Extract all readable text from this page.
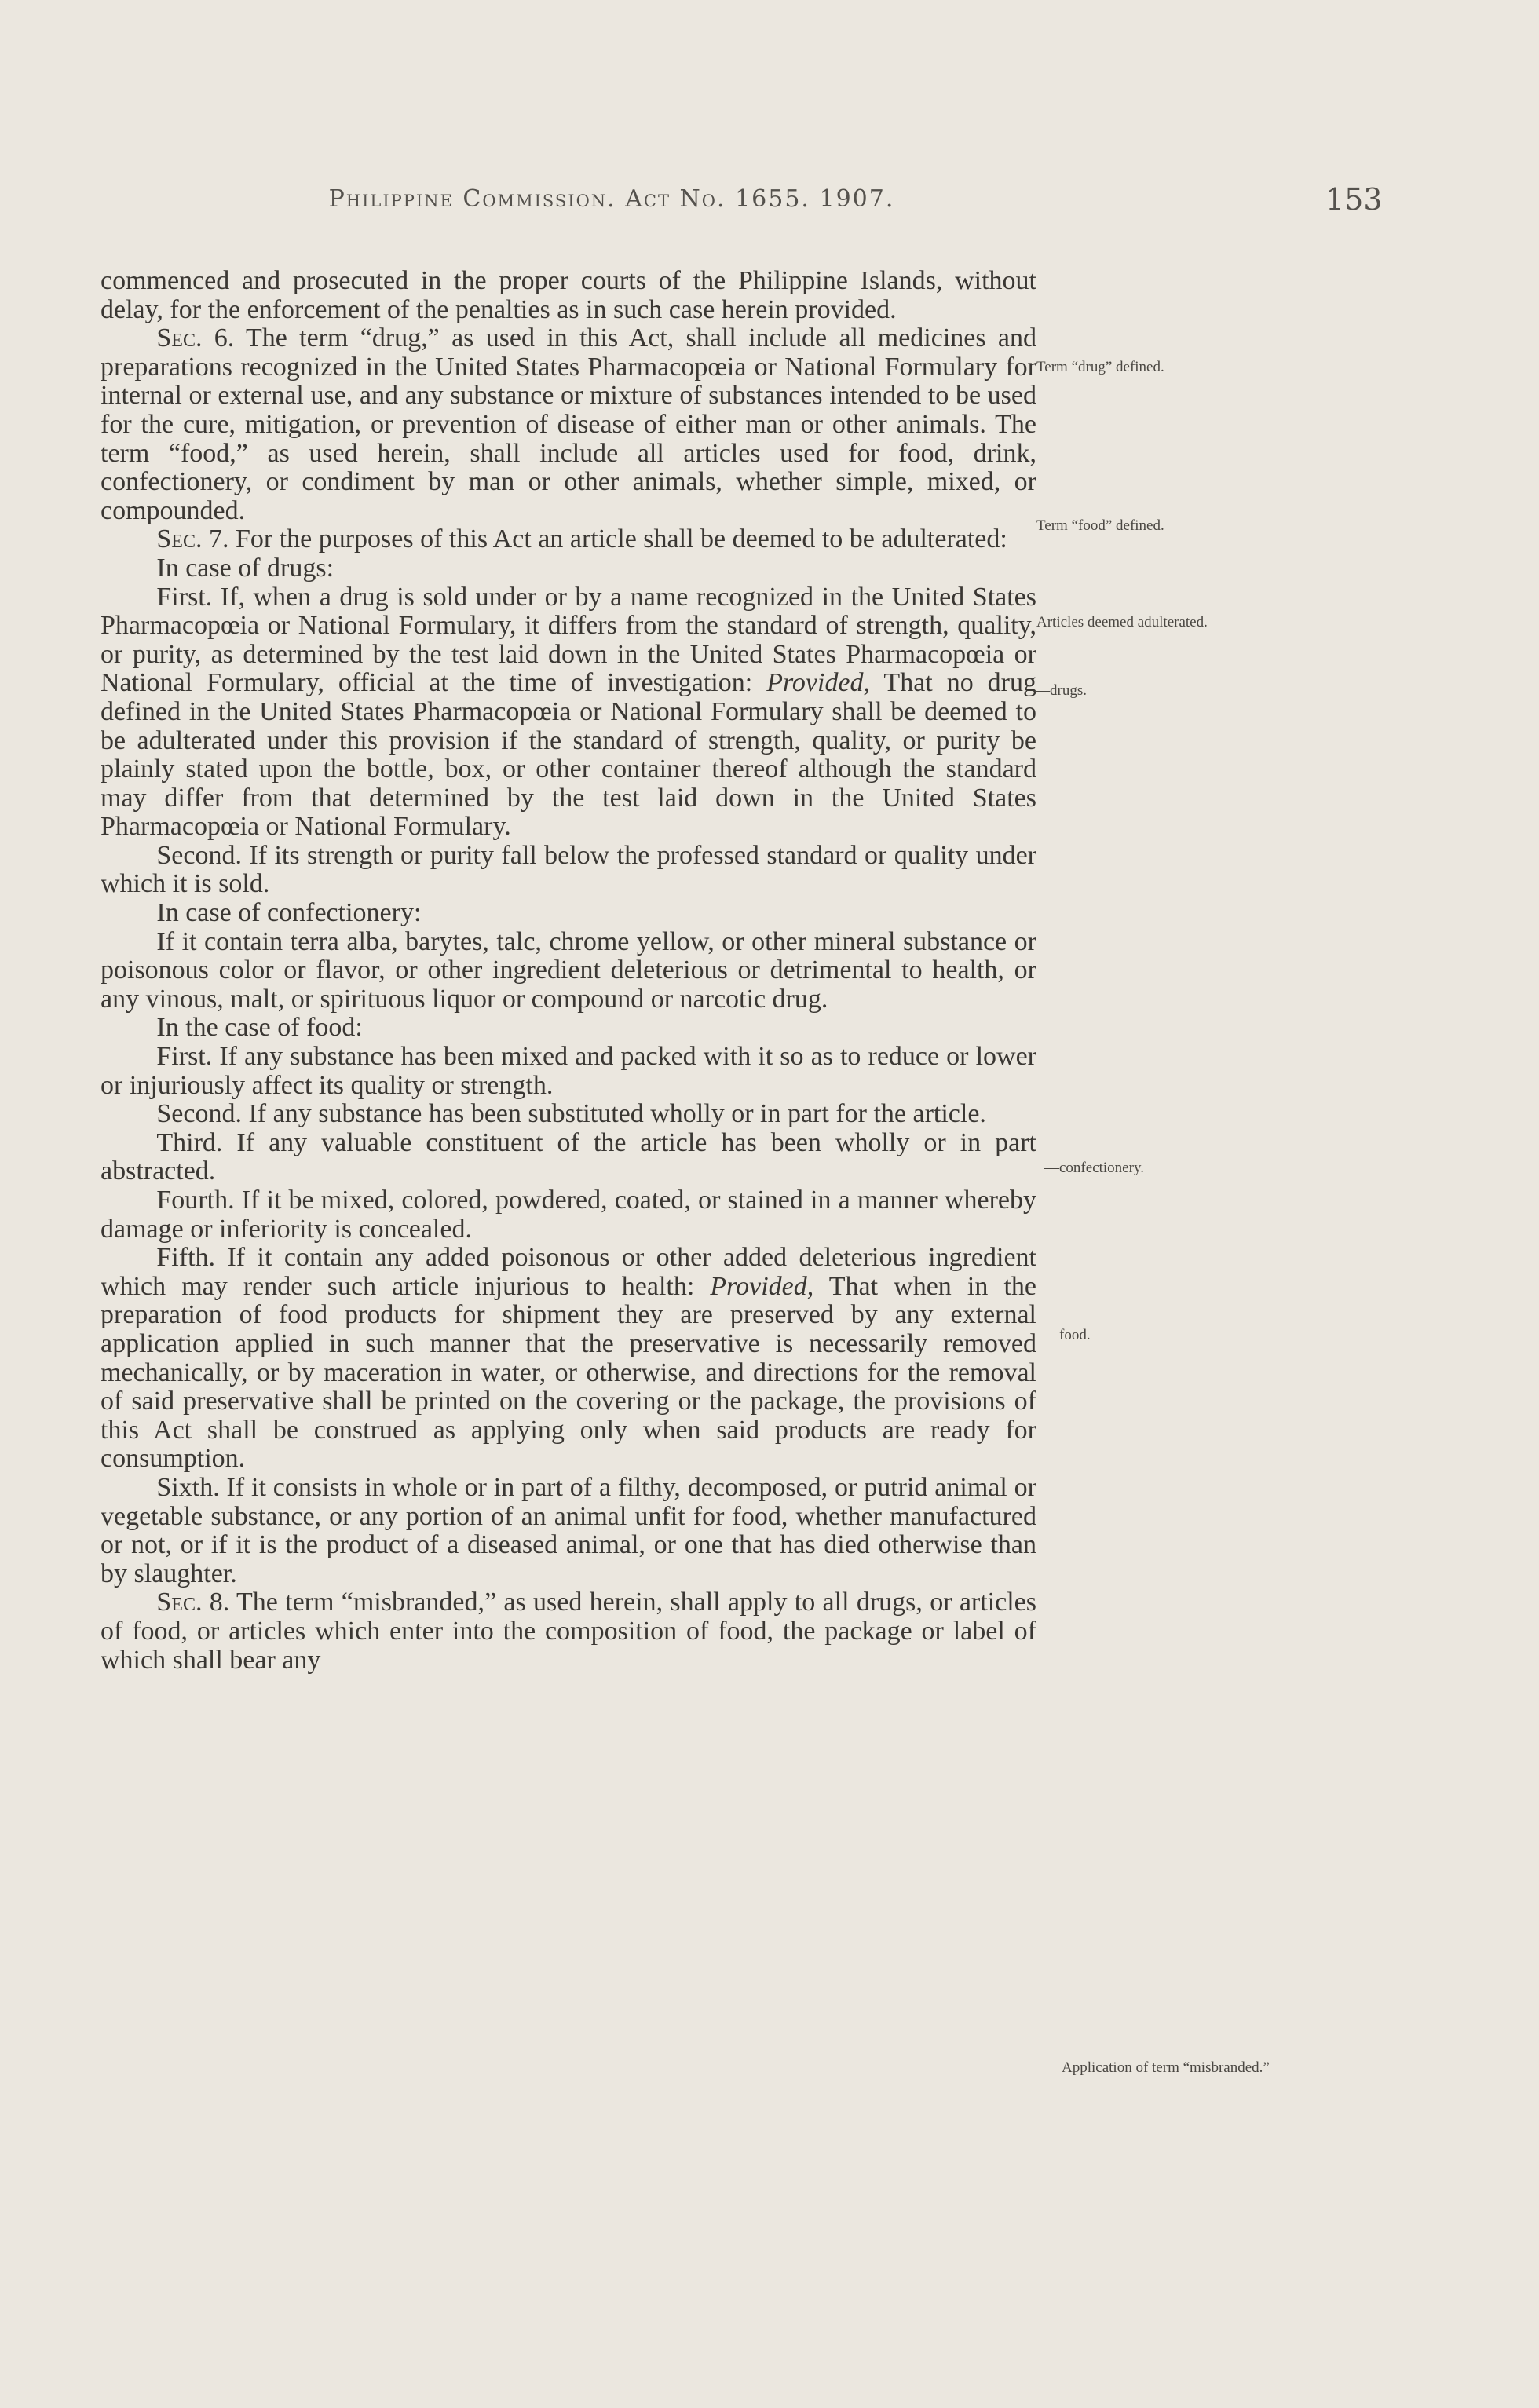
Philippine Commission. Act No. 1655. 1907.	153

commenced and prosecuted in the proper courts of the Philippine Islands, without delay, for the enforcement of the penalties as in such case herein provided.

Sec. 6. The term “drug,” as used in this Act, shall include all medicines and preparations recognized in the United States Pharmacopœia or National Formulary for internal or external use, and any substance or mixture of substances intended to be used for the cure, mitigation, or prevention of disease of either man or other animals. The term “food,” as used herein, shall include all articles used for food, drink, confectionery, or condiment by man or other animals, whether simple, mixed, or compounded.

Sec. 7. For the purposes of this Act an article shall be deemed to be adulterated:

In case of drugs:

First. If, when a drug is sold under or by a name recognized in the United States Pharmacopœia or National Formulary, it differs from the standard of strength, quality, or purity, as determined by the test laid down in the United States Pharmacopœia or National Formulary, official at the time of investigation: Provided, That no drug defined in the United States Pharmacopœia or National Formulary shall be deemed to be adulterated under this provision if the standard of strength, quality, or purity be plainly stated upon the bottle, box, or other container thereof although the standard may differ from that determined by the test laid down in the United States Pharmacopœia or National Formulary.

Second. If its strength or purity fall below the professed standard or quality under which it is sold.

In case of confectionery:

If it contain terra alba, barytes, talc, chrome yellow, or other mineral substance or poisonous color or flavor, or other ingredient deleterious or detrimental to health, or any vinous, malt, or spirituous liquor or compound or narcotic drug.

In the case of food:

First. If any substance has been mixed and packed with it so as to reduce or lower or injuriously affect its quality or strength.

Second. If any substance has been substituted wholly or in part for the article.

Third. If any valuable constituent of the article has been wholly or in part abstracted.

Fourth. If it be mixed, colored, powdered, coated, or stained in a manner whereby damage or inferiority is concealed.

Fifth. If it contain any added poisonous or other added deleterious ingredient which may render such article injurious to health: Provided, That when in the preparation of food products for shipment they are preserved by any external application applied in such manner that the preservative is necessarily removed mechanically, or by maceration in water, or otherwise, and directions for the removal of said preservative shall be printed on the covering or the package, the provisions of this Act shall be construed as applying only when said products are ready for consumption.

Sixth. If it consists in whole or in part of a filthy, decomposed, or putrid animal or vegetable substance, or any portion of an animal unfit for food, whether manufactured or not, or if it is the product of a diseased animal, or one that has died otherwise than by slaughter.

Sec. 8. The term “misbranded,” as used herein, shall apply to all drugs, or articles of food, or articles which enter into the composition of food, the package or label of which shall bear any

Term “drug” defined.
Term “food” defined.
Articles deemed adulterated.
—drugs.
—confectionery.
—food.
Application of term “misbranded.”
